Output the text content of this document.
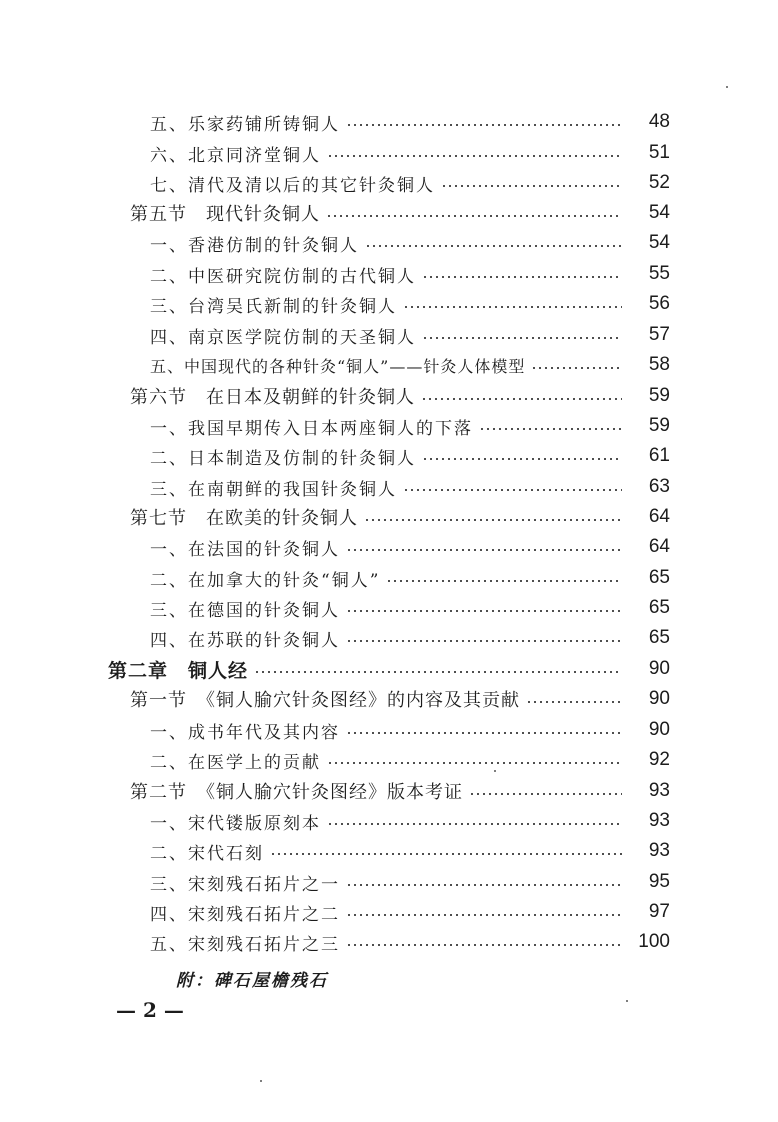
五、乐家药铺所铸铜人	48
六、北京同济堂铜人	51
七、清代及清以后的其它针灸铜人	52
第五节　现代针灸铜人	54
一、香港仿制的针灸铜人	54
二、中医研究院仿制的古代铜人	55
三、台湾吴氏新制的针灸铜人	56
四、南京医学院仿制的天圣铜人	57
五、中国现代的各种针灸“铜人”——针灸人体模型	58
第六节　在日本及朝鲜的针灸铜人	59
一、我国早期传入日本两座铜人的下落	59
二、日本制造及仿制的针灸铜人	61
三、在南朝鲜的我国针灸铜人	63
第七节　在欧美的针灸铜人	64
一、在法国的针灸铜人	64
二、在加拿大的针灸“铜人”	65
三、在德国的针灸铜人	65
四、在苏联的针灸铜人	65
第二章　铜人经	90
第一节　《铜人腧穴针灸图经》的内容及其贡献	90
一、成书年代及其内容	90
二、在医学上的贡献	92
第二节　《铜人腧穴针灸图经》版本考证	93
一、宋代镂版原刻本	93
二、宋代石刻	93
三、宋刻残石拓片之一	95
四、宋刻残石拓片之二	97
五、宋刻残石拓片之三	100
附：碑石屋檐残石
— 2 —
